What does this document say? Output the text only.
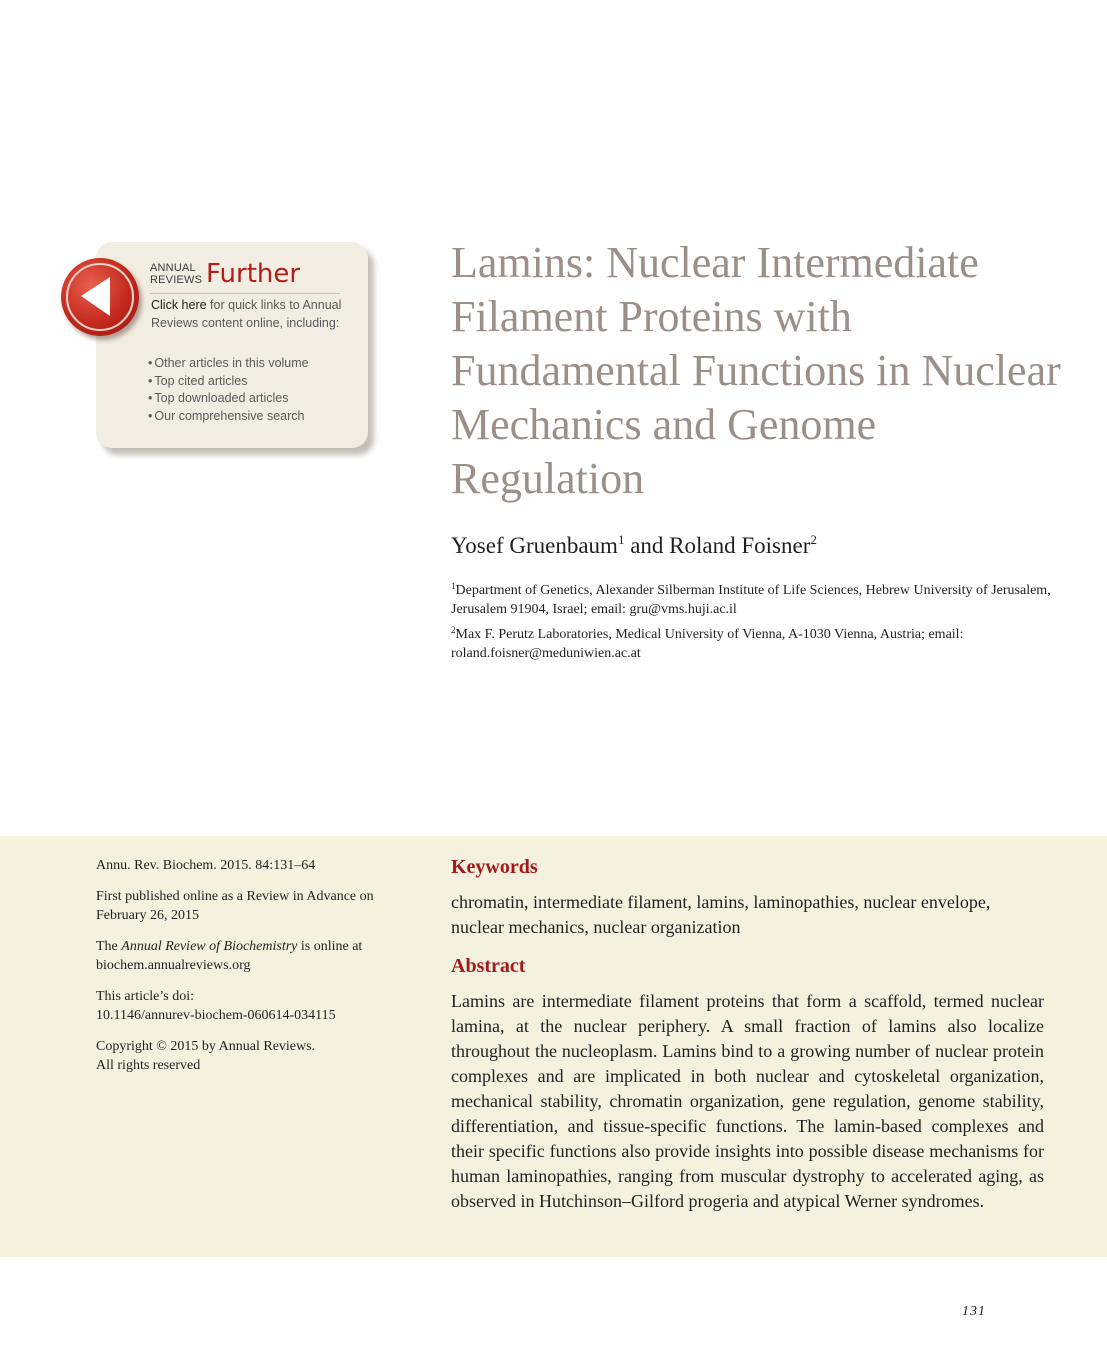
ANNUAL
REVIEWS Further
Click here for quick links to Annual Reviews content online, including:
• Other articles in this volume
• Top cited articles
• Top downloaded articles
• Our comprehensive search
Lamins: Nuclear Intermediate Filament Proteins with Fundamental Functions in Nuclear Mechanics and Genome Regulation
Yosef Gruenbaum$^1$ and Roland Foisner$^2$
$^1$Department of Genetics, Alexander Silberman Institute of Life Sciences, Hebrew University of Jerusalem, Jerusalem 91904, Israel; email: gru@vms.huji.ac.il
$^2$Max F. Perutz Laboratories, Medical University of Vienna, A-1030 Vienna, Austria; email: roland.foisner@meduniwien.ac.at
Annu. Rev. Biochem. 2015. 84:131–64
First published online as a Review in Advance on February 26, 2015
The Annual Review of Biochemistry is online at biochem.annualreviews.org
This article’s doi:
10.1146/annurev-biochem-060614-034115
Copyright © 2015 by Annual Reviews.
All rights reserved
Keywords
chromatin, intermediate filament, lamins, laminopathies, nuclear envelope, nuclear mechanics, nuclear organization
Abstract
Lamins are intermediate filament proteins that form a scaffold, termed nuclear lamina, at the nuclear periphery. A small fraction of lamins also localize throughout the nucleoplasm. Lamins bind to a growing number of nuclear protein complexes and are implicated in both nuclear and cytoskeletal organization, mechanical stability, chromatin organization, gene regulation, genome stability, differentiation, and tissue-specific functions. The lamin-based complexes and their specific functions also provide insights into possible disease mechanisms for human laminopathies, ranging from muscular dystrophy to accelerated aging, as observed in Hutchinson–Gilford progeria and atypical Werner syndromes.
131
